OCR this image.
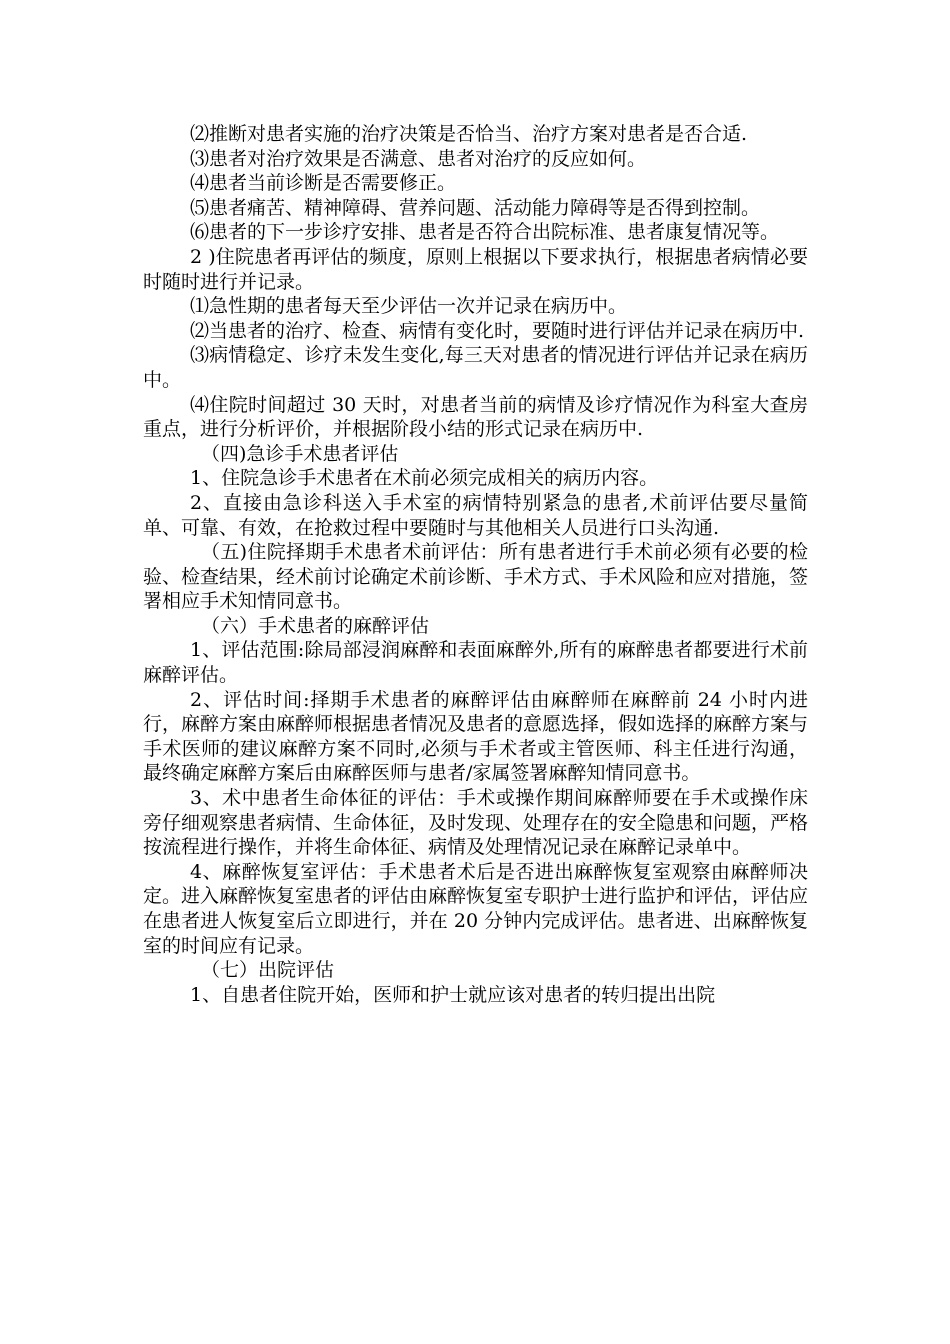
⑵推断对患者实施的治疗决策是否恰当、治疗方案对患者是否合适.

⑶患者对治疗效果是否满意、患者对治疗的反应如何。

⑷患者当前诊断是否需要修正。

⑸患者痛苦、精神障碍、营养问题、活动能力障碍等是否得到控制。

⑹患者的下一步诊疗安排、患者是否符合出院标准、患者康复情况等。

2 )住院患者再评估的频度，原则上根据以下要求执行，根据患者病情必要时随时进行并记录。

⑴急性期的患者每天至少评估一次并记录在病历中。

⑵当患者的治疗、检查、病情有变化时，要随时进行评估并记录在病历中.

⑶病情稳定、诊疗未发生变化,每三天对患者的情况进行评估并记录在病历中。

⑷住院时间超过 30 天时，对患者当前的病情及诊疗情况作为科室大查房重点，进行分析评价，并根据阶段小结的形式记录在病历中.

（四)急诊手术患者评估

1、住院急诊手术患者在术前必须完成相关的病历内容。

2、直接由急诊科送入手术室的病情特别紧急的患者,术前评估要尽量简单、可靠、有效，在抢救过程中要随时与其他相关人员进行口头沟通.

（五)住院择期手术患者术前评估：所有患者进行手术前必须有必要的检验、检查结果，经术前讨论确定术前诊断、手术方式、手术风险和应对措施，签署相应手术知情同意书。

（六）手术患者的麻醉评估

1、评估范围:除局部浸润麻醉和表面麻醉外,所有的麻醉患者都要进行术前麻醉评估。

2、评估时间:择期手术患者的麻醉评估由麻醉师在麻醉前 24 小时内进行，麻醉方案由麻醉师根据患者情况及患者的意愿选择，假如选择的麻醉方案与手术医师的建议麻醉方案不同时,必须与手术者或主管医师、科主任进行沟通，最终确定麻醉方案后由麻醉医师与患者/家属签署麻醉知情同意书。

3、术中患者生命体征的评估：手术或操作期间麻醉师要在手术或操作床旁仔细观察患者病情、生命体征，及时发现、处理存在的安全隐患和问题，严格按流程进行操作，并将生命体征、病情及处理情况记录在麻醉记录单中。

4、麻醉恢复室评估：手术患者术后是否进出麻醉恢复室观察由麻醉师决定。进入麻醉恢复室患者的评估由麻醉恢复室专职护士进行监护和评估，评估应在患者进人恢复室后立即进行，并在 20 分钟内完成评估。患者进、出麻醉恢复室的时间应有记录。

（七）出院评估

1、自患者住院开始，医师和护士就应该对患者的转归提出出院
